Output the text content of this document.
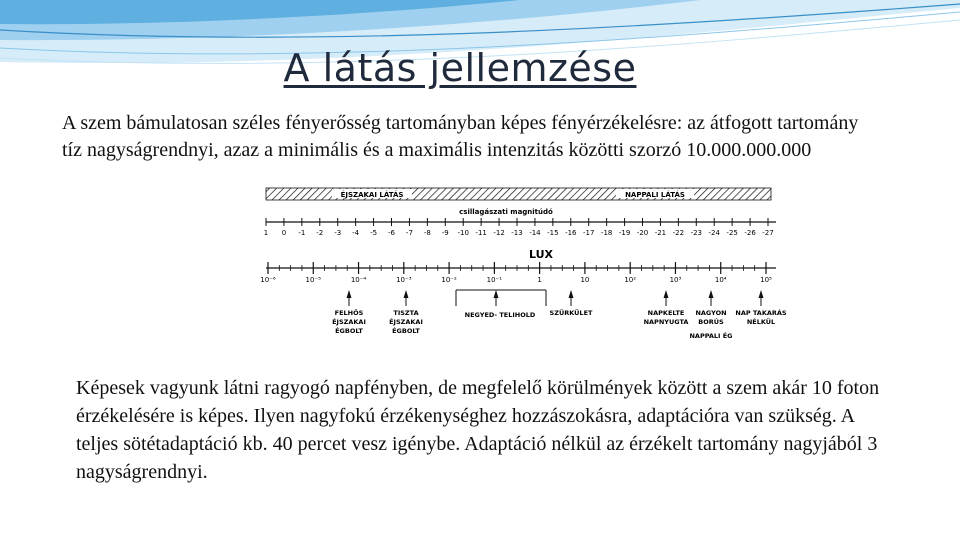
A látás jellemzése
A szem bámulatosan széles fényerősség tartományban képes fényérzékelésre: az átfogott tartomány tíz nagyságrendnyi, azaz a minimális és a maximális intenzitás közötti szorzó 10.000.000.000
ÉJSZAKAI LÁTÁS	NAPPALI LÁTÁS
csillagászati magnitúdó
1 0 -1 -2 -3 -4 -5 -6 -7 -8 -9 -10 -11 -12 -13 -14 -15 -16 -17 -18 -19 -20 -21 -22 -23 -24 -25 -26 -27
LUX
10⁻⁶	10⁻⁵	10⁻⁴	10⁻³	10⁻²	10⁻¹	1	10	10²	10³	10⁴	10⁵
FELHŐS
ÉJSZAKAI
ÉGBOLT
TISZTA
ÉJSZAKAI
ÉGBOLT
NEGYED- TELIHOLD SZÜRKÜLET	NAPKELTE
NAPNYUGTA
NAGYON
BORÚS
NAP TAKARÁS
NÉLKÜL
NAPPALI ÉG
Képesek vagyunk látni ragyogó napfényben, de megfelelő körülmények között a szem akár 10 foton érzékelésére is képes. Ilyen nagyfokú érzékenységhez hozzászokásra, adaptációra van szükség. A teljes sötétadaptáció kb. 40 percet vesz igénybe. Adaptáció nélkül az érzékelt tartomány nagyjából 3 nagyságrendnyi.
